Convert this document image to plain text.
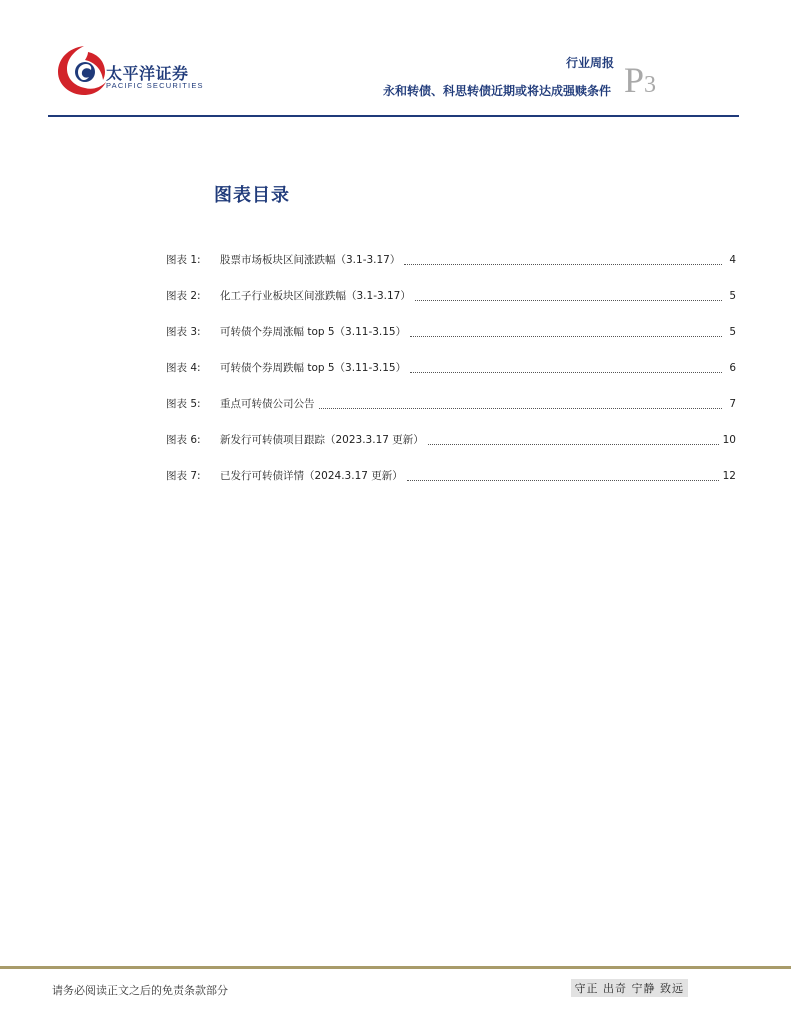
太平洋证券
PACIFIC SECURITIES
行业周报
永和转债、科思转债近期或将达成强赎条件 P3
图表目录
图表 1:	股票市场板块区间涨跌幅（3.1-3.17）	4
图表 2:	化工子行业板块区间涨跌幅（3.1-3.17）	5
图表 3:	可转债个券周涨幅 top 5（3.11-3.15）	5
图表 4:	可转债个券周跌幅 top 5（3.11-3.15）	6
图表 5:	重点可转债公司公告	7
图表 6:	新发行可转债项目跟踪（2023.3.17 更新）	10
图表 7:	已发行可转债详情（2024.3.17 更新）	12
请务必阅读正文之后的免责条款部分	守正 出奇 宁静 致远
